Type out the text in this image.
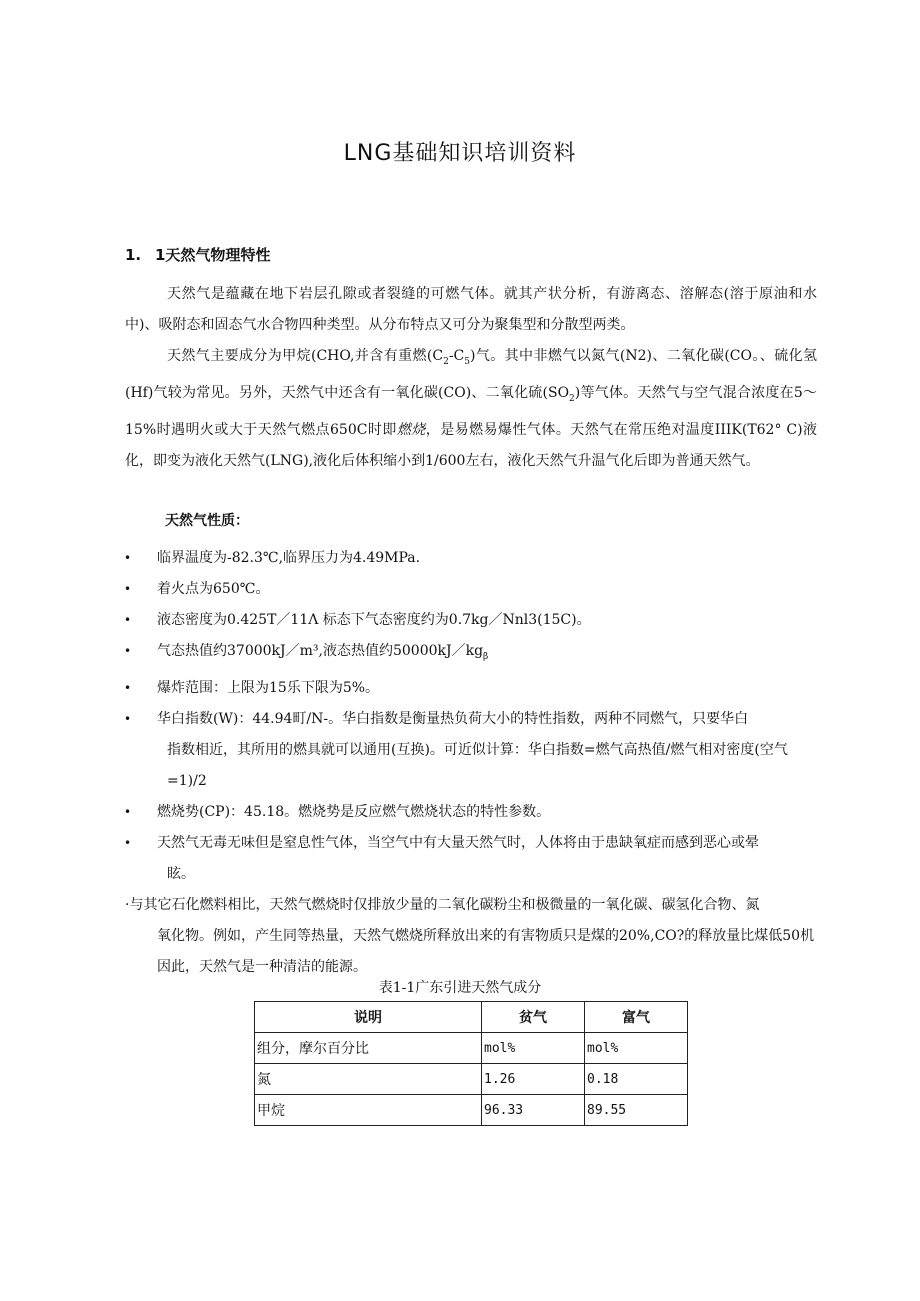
LNG基础知识培训资料
1. 1天然气物理特性

天然气是蕴藏在地下岩层孔隙或者裂缝的可燃气体。就其产状分析，有游离态、溶解态(溶于原油和水中)、吸附态和固态气水合物四种类型。从分布特点又可分为聚集型和分散型两类。

天然气主要成分为甲烷(CHO,并含有重燃$(C_2-C_5)$气。其中非燃气以氮气(N2)、二氧化碳(CO。、硫化氢(Hf)气较为常见。另外，天然气中还含有一氧化碳(CO)、二氧化硫$(SO_2)$等气体。天然气与空气混合浓度在5～15%时遇明火或大于天然气燃点650C时即燃烧，是易燃易爆性气体。天然气在常压绝对温度IIIK(T62° C)液化，即变为液化天然气(LNG),液化后体积缩小到1/600左右，液化天然气升温气化后即为普通天然气。

天然气性质：
• 临界温度为-82.3℃,临界压力为4.49MPa.
• 着火点为650℃。
• 液态密度为0.425T／11Λ 标态下气态密度约为0.7kg／Nnl3(15C)。
• 气态热值约37000kJ／m³,液态热值约$50000kJ/kg_\beta$
• 爆炸范围：上限为15乐下限为5%。
• 华白指数(W)：44.94町/N-。华白指数是衡量热负荷大小的特性指数，两种不同燃气，只要华白
指数相近，其所用的燃具就可以通用(互换)。可近似计算：华白指数=燃气高热值/燃气相对密度(空气=1)/2
• 燃烧势(CP)：45.18。燃烧势是反应燃气燃烧状态的特性参数。
• 天然气无毒无味但是窒息性气体，当空气中有大量天然气时，人体将由于患缺氧症而感到恶心或晕
眩。
·与其它石化燃料相比，天然气燃烧时仅排放少量的二氧化碳粉尘和极微量的一氧化碳、碳氢化合物、氮
氧化物。例如，产生同等热量，天然气燃烧所释放出来的有害物质只是煤的20%,CO?的释放量比煤低50机因此，天然气是一种清洁的能源。
表1-1广东引进天然气成分
说明	贫气	富气
组分，摩尔百分比	mol%	mol%
氮	1.26	0.18
甲烷	96.33	89.55
